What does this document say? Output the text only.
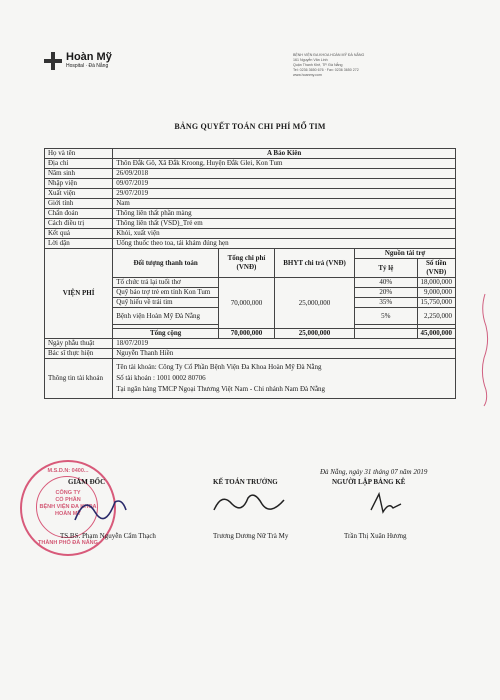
Hoàn Mỹ
Hospital · Đà Nẵng
BỆNH VIỆN ĐA KHOA HOÀN MỸ ĐÀ NẴNG
161 Nguyễn Văn Linh
Quận Thanh Khê, TP. Đà Nẵng
Tel: 0236 3650 676 · Fax: 0236 3650 272
www.hoanmy.com
BẢNG QUYẾT TOÁN CHI PHÍ MỔ TIM
Họ và tên	A Bảo Kiên				
Địa chỉ	Thôn Đắk Gô, Xã Đắk Kroong, Huyện Đắk Glei, Kon Tum				
Năm sinh	26/09/2018				
Nhập viện	09/07/2019				
Xuất viện	29/07/2019				
Giới tính	Nam				
Chẩn đoán	Thông liên thất phần màng				
Cách điều trị	Thông liên thất (VSD)_Trẻ em				
Kết quả	Khỏi, xuất viện				
Lời dặn	Uống thuốc theo toa, tái khám đúng hẹn				
VIỆN PHÍ	Đối tượng thanh toán	Tổng chi phí (VNĐ)	BHYT chi trả (VNĐ)	Nguồn tài trợ	
				Tỷ lệ	Số tiền (VNĐ)
	Tổ chức trả lại tuổi thơ	70,000,000	25,000,000	40%	18,000,000
	Quỹ bảo trợ trẻ em tỉnh Kon Tum			20%	9,000,000
	Quỹ hiếu về trái tim			35%	15,750,000
	Bệnh viện Hoàn Mỹ Đà Nẵng			5%	2,250,000

	Tổng cộng	70,000,000	25,000,000		45,000,000
Ngày phẫu thuật	18/07/2019				
Bác sĩ thực hiện	Nguyễn Thanh Hiền				
Thông tin tài khoản	Tên tài khoản: Công Ty Cổ Phần Bệnh Viện Đa Khoa Hoàn Mỹ Đà Nẵng
Số tài khoản : 1001 0002 80706
Tại ngân hàng TMCP Ngoại Thương Việt Nam - Chi nhánh Nam Đà Nẵng				
Đà Nẵng, ngày 31 tháng 07 năm 2019
M.S.D.N: 0400...
CÔNG TY
CỔ PHẦN
BỆNH VIỆN ĐA KHOA
HOÀN MỸ
THÀNH PHỐ ĐÀ NẴNG
GIÁM ĐỐC	KẾ TOÁN TRƯỞNG	NGƯỜI LẬP BẢNG KÊ
TS.BS. Phạm Nguyễn Cẩm Thạch	Trương Dương Nữ Trà My	Trần Thị Xuân Hương
